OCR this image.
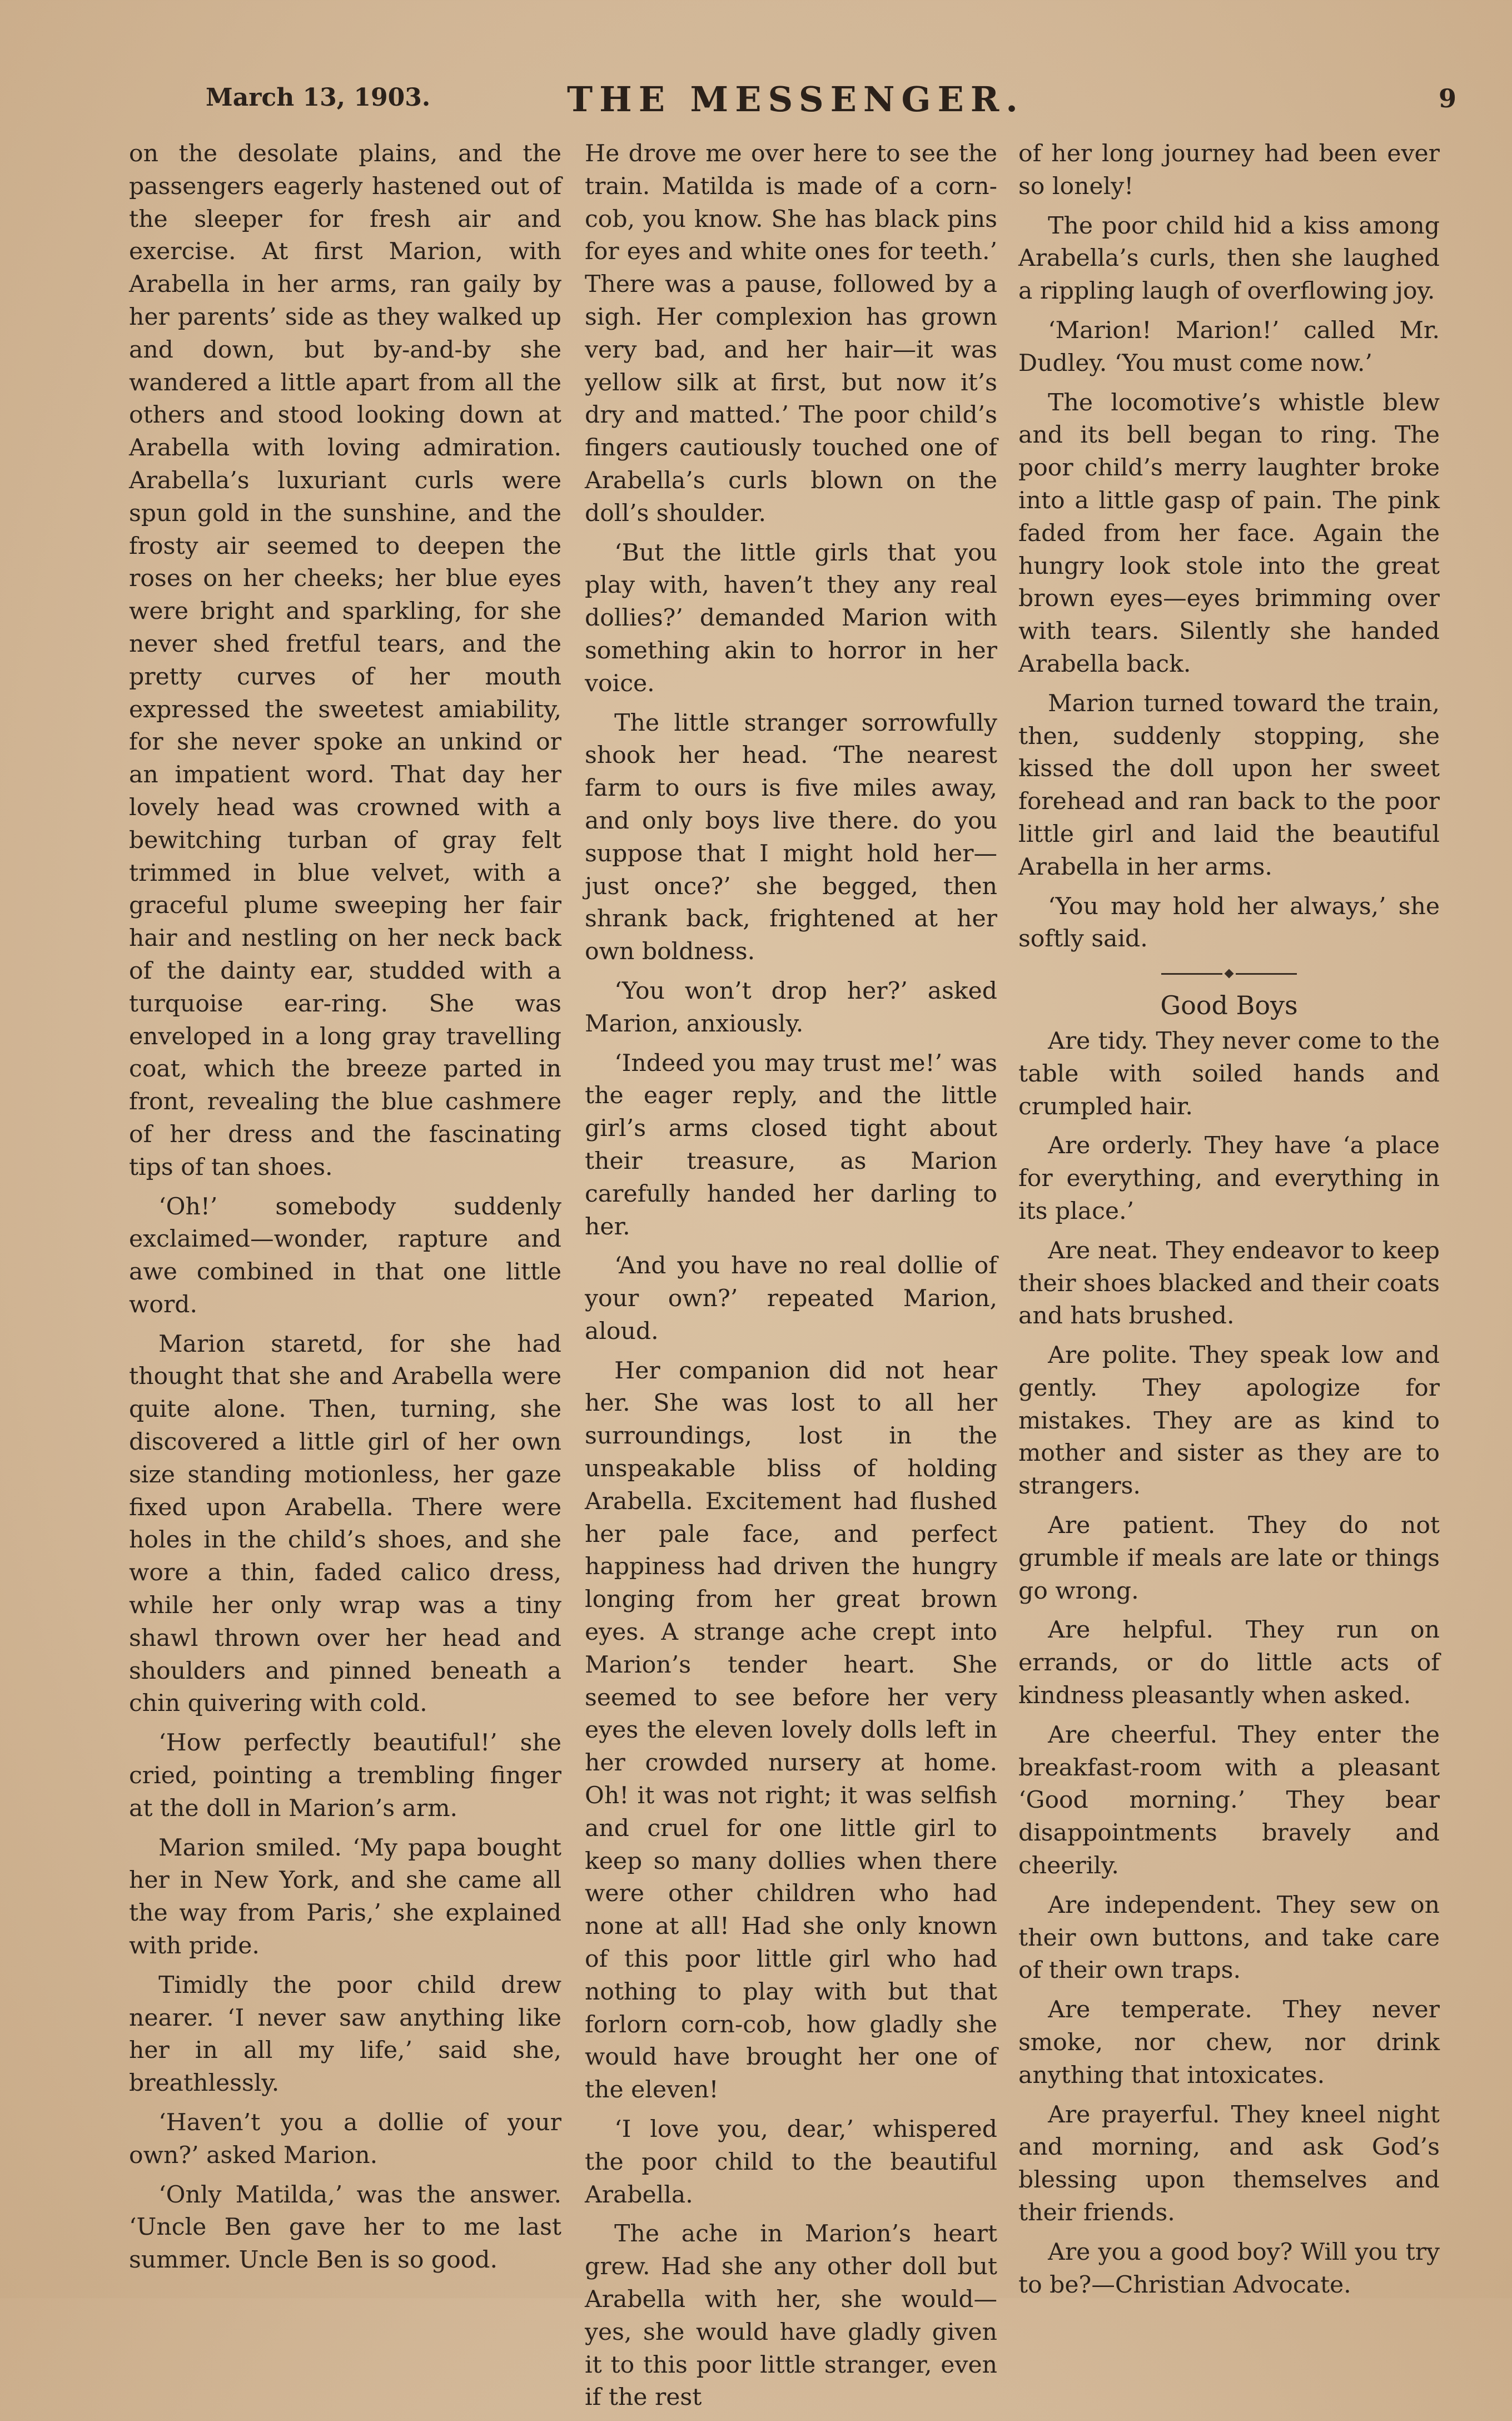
March 13, 1903.	THE MESSENGER.	9

on the desolate plains, and the passengers eagerly hastened out of the sleeper for fresh air and exercise. At first Marion, with Arabella in her arms, ran gaily by her parents’ side as they walked up and down, but by-and-by she wandered a little apart from all the others and stood looking down at Arabella with loving admiration. Arabella’s luxuriant curls were spun gold in the sunshine, and the frosty air seemed to deepen the roses on her cheeks; her blue eyes were bright and sparkling, for she never shed fretful tears, and the pretty curves of her mouth expressed the sweetest amiability, for she never spoke an unkind or an impatient word. That day her lovely head was crowned with a bewitching turban of gray felt trimmed in blue velvet, with a graceful plume sweeping her fair hair and nestling on her neck back of the dainty ear, studded with a turquoise ear-ring. She was enveloped in a long gray travelling coat, which the breeze parted in front, revealing the blue cashmere of her dress and the fascinating tips of tan shoes.

‘Oh!’ somebody suddenly exclaimed—wonder, rapture and awe combined in that one little word.

Marion staretd, for she had thought that she and Arabella were quite alone. Then, turning, she discovered a little girl of her own size standing motionless, her gaze fixed upon Arabella. There were holes in the child’s shoes, and she wore a thin, faded calico dress, while her only wrap was a tiny shawl thrown over her head and shoulders and pinned beneath a chin quivering with cold.

‘How perfectly beautiful!’ she cried, pointing a trembling finger at the doll in Marion’s arm.

Marion smiled. ‘My papa bought her in New York, and she came all the way from Paris,’ she explained with pride.

Timidly the poor child drew nearer. ‘I never saw anything like her in all my life,’ said she, breathlessly.

‘Haven’t you a dollie of your own?’ asked Marion.

‘Only Matilda,’ was the answer. ‘Uncle Ben gave her to me last summer. Uncle Ben is so good.

He drove me over here to see the train. Matilda is made of a corn-cob, you know. She has black pins for eyes and white ones for teeth.’ There was a pause, followed by a sigh. Her complexion has grown very bad, and her hair—it was yellow silk at first, but now it’s dry and matted.’ The poor child’s fingers cautiously touched one of Arabella’s curls blown on the doll’s shoulder.

‘But the little girls that you play with, haven’t they any real dollies?’ demanded Marion with something akin to horror in her voice.

The little stranger sorrowfully shook her head. ‘The nearest farm to ours is five miles away, and only boys live there. do you suppose that I might hold her—just once?’ she begged, then shrank back, frightened at her own boldness.

‘You won’t drop her?’ asked Marion, anxiously.

‘Indeed you may trust me!’ was the eager reply, and the little girl’s arms closed tight about their treasure, as Marion carefully handed her darling to her.

‘And you have no real dollie of your own?’ repeated Marion, aloud.

Her companion did not hear her. She was lost to all her surroundings, lost in the unspeakable bliss of holding Arabella. Excitement had flushed her pale face, and perfect happiness had driven the hungry longing from her great brown eyes. A strange ache crept into Marion’s tender heart. She seemed to see before her very eyes the eleven lovely dolls left in her crowded nursery at home. Oh! it was not right; it was selfish and cruel for one little girl to keep so many dollies when there were other children who had none at all! Had she only known of this poor little girl who had nothing to play with but that forlorn corn-cob, how gladly she would have brought her one of the eleven!

‘I love you, dear,’ whispered the poor child to the beautiful Arabella.

The ache in Marion’s heart grew. Had she any other doll but Arabella with her, she would—yes, she would have gladly given it to this poor little stranger, even if the rest

of her long journey had been ever so lonely!

The poor child hid a kiss among Arabella’s curls, then she laughed a rippling laugh of overflowing joy.

‘Marion! Marion!’ called Mr. Dudley. ‘You must come now.’

The locomotive’s whistle blew and its bell began to ring. The poor child’s merry laughter broke into a little gasp of pain. The pink faded from her face. Again the hungry look stole into the great brown eyes—eyes brimming over with tears. Silently she handed Arabella back.

Marion turned toward the train, then, suddenly stopping, she kissed the doll upon her sweet forehead and ran back to the poor little girl and laid the beautiful Arabella in her arms.

‘You may hold her always,’ she softly said.

Good Boys

Are tidy. They never come to the table with soiled hands and crumpled hair.

Are orderly. They have ‘a place for everything, and everything in its place.’

Are neat. They endeavor to keep their shoes blacked and their coats and hats brushed.

Are polite. They speak low and gently. They apologize for mistakes. They are as kind to mother and sister as they are to strangers.

Are patient. They do not grumble if meals are late or things go wrong.

Are helpful. They run on errands, or do little acts of kindness pleasantly when asked.

Are cheerful. They enter the breakfast-room with a pleasant ‘Good morning.’ They bear disappointments bravely and cheerily.

Are independent. They sew on their own buttons, and take care of their own traps.

Are temperate. They never smoke, nor chew, nor drink anything that intoxicates.

Are prayerful. They kneel night and morning, and ask God’s blessing upon themselves and their friends.

Are you a good boy? Will you try to be?—Christian Advocate.
